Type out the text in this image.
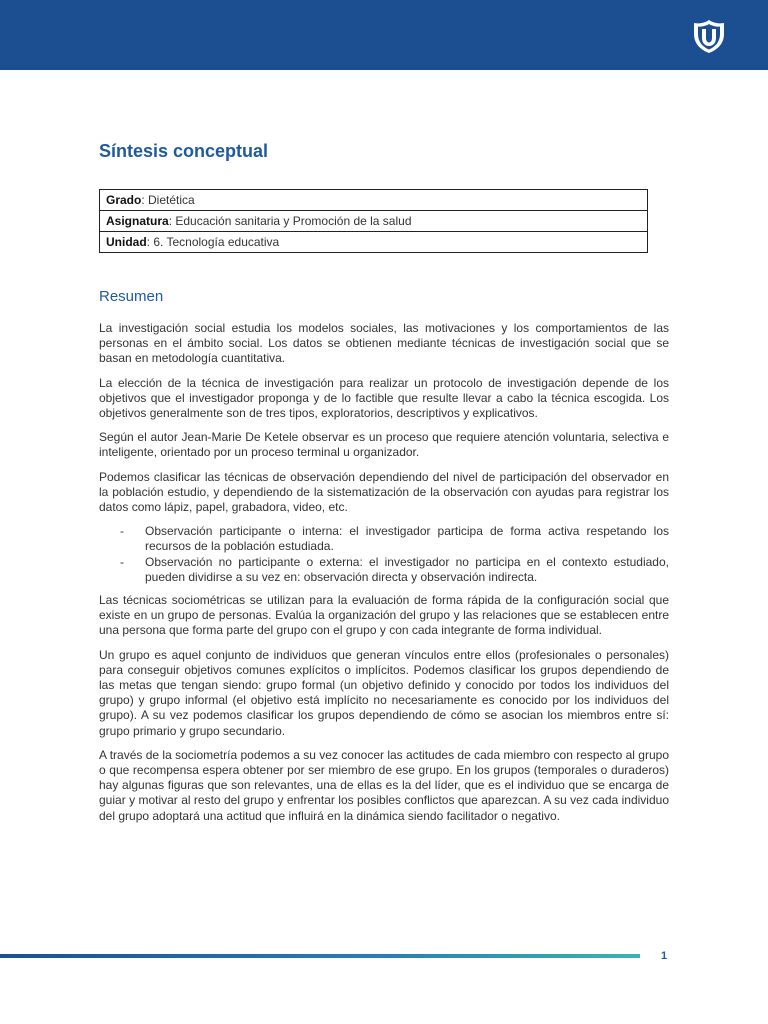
Síntesis conceptual
Grado: Dietética
Asignatura: Educación sanitaria y Promoción de la salud
Unidad: 6. Tecnología educativa
Resumen

La investigación social estudia los modelos sociales, las motivaciones y los comportamientos de las personas en el ámbito social. Los datos se obtienen mediante técnicas de investigación social que se basan en metodología cuantitativa.

La elección de la técnica de investigación para realizar un protocolo de investigación depende de los objetivos que el investigador proponga y de lo factible que resulte llevar a cabo la técnica escogida. Los objetivos generalmente son de tres tipos, exploratorios, descriptivos y explicativos.

Según el autor Jean-Marie De Ketele observar es un proceso que requiere atención voluntaria, selectiva e inteligente, orientado por un proceso terminal u organizador.

Podemos clasificar las técnicas de observación dependiendo del nivel de participación del observador en la población estudio, y dependiendo de la sistematización de la observación con ayudas para registrar los datos como lápiz, papel, grabadora, video, etc.

- Observación participante o interna: el investigador participa de forma activa respetando los recursos de la población estudiada.
- Observación no participante o externa: el investigador no participa en el contexto estudiado, pueden dividirse a su vez en: observación directa y observación indirecta.

Las técnicas sociométricas se utilizan para la evaluación de forma rápida de la configuración social que existe en un grupo de personas. Evalúa la organización del grupo y las relaciones que se establecen entre una persona que forma parte del grupo con el grupo y con cada integrante de forma individual.

Un grupo es aquel conjunto de individuos que generan vínculos entre ellos (profesionales o personales) para conseguir objetivos comunes explícitos o implícitos. Podemos clasificar los grupos dependiendo de las metas que tengan siendo: grupo formal (un objetivo definido y conocido por todos los individuos del grupo) y grupo informal (el objetivo está implícito no necesariamente es conocido por los individuos del grupo). A su vez podemos clasificar los grupos dependiendo de cómo se asocian los miembros entre sí: grupo primario y grupo secundario.

A través de la sociometría podemos a su vez conocer las actitudes de cada miembro con respecto al grupo o que recompensa espera obtener por ser miembro de ese grupo. En los grupos (temporales o duraderos) hay algunas figuras que son relevantes, una de ellas es la del líder, que es el individuo que se encarga de guiar y motivar al resto del grupo y enfrentar los posibles conflictos que aparezcan. A su vez cada individuo del grupo adoptará una actitud que influirá en la dinámica siendo facilitador o negativo.

1
